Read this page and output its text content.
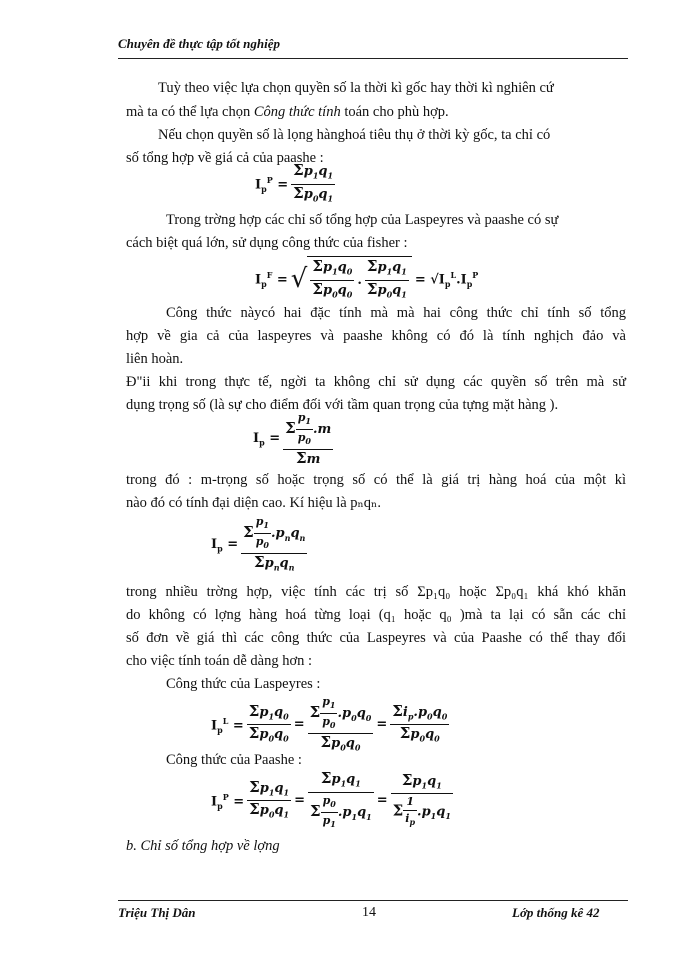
Chuyên đề thực tập tốt nghiệp
Tuỳ theo việc lựa chọn quyền số la thời kì gốc hay thời kì nghiên cứ
mà ta có thể lựa chọn Công thức tính toán cho phù hợp.
Nếu chọn quyền số là lọng hànghoá tiêu thụ ở thời kỳ gốc, ta chỉ có
số tổng hợp về giá cả của paashe :
$I_p^P = \frac{\Sigma p_1q_1}{\Sigma p_0q_1}$
Trong trờng hợp các chỉ số tổng hợp của Laspeyres và paashe có sự
cách biệt quá lớn, sử dụng công thức của fisher :
$I_p^F$ = √ $\frac{\Sigma p_1q_0}{\Sigma p_0q_0}$ . $\frac{\Sigma p_1q_1}{\Sigma p_0q_1} = √I_p^L.I_p^P$
Công thức nàycó hai đặc tính mà mà hai công thức chỉ tính số tổng
hợp về gia cả của laspeyres và paashe không có đó là tính nghịch đảo và
liên hoàn.
Đ"ii khi trong thực tế, ngời ta không chỉ sử dụng các quyền số trên mà sử
dụng trọng số (là sự cho điểm đối với tầm quan trọng của tựng mặt hàng ).
$I_p = \frac{\Sigma \frac{p_1}{p_0} .m}{\Sigma m}$
trong đó : m-trọng số hoặc trọng số có thể là giá trị hàng hoá của một kì
nào đó có tính đại diện cao. Kí hiệu là pₙqₙ.
$I_p = \frac{\Sigma \frac{p_1}{p_0} .p_nq_n}{\Sigma p_nq_n}$
trong nhiều trờng hợp, việc tính các trị số Σp₁q₀ hoặc Σp₀q₁ khá khó khăn
do không có lợng hàng hoá từng loại (q₁ hoặc q₀ )mà ta lại có sẵn các chỉ
số đơn về giá thì các công thức của Laspeyres và của Paashe có thể thay đổi
cho việc tính toán dễ dàng hơn :
Công thức của Laspeyres :
$I_p^L = \frac{\Sigma p_1q_0}{\Sigma p_0q_0} = \frac{\Sigma \frac{p_1}{p_0} .p_0q_0}{\Sigma p_0q_0} = \frac{\Sigma i_p.p_0q_0}{\Sigma p_0q_0}$
Công thức của Paashe :
$I_p^P = \frac{\Sigma p_1q_1}{\Sigma p_0q_1} = \frac{\Sigma p_1q_1}{\Sigma \frac{p_0}{p_1} .p_1q_1} = \frac{\Sigma p_1q_1}{\Sigma \frac{1}{i_p} .p_1q_1}$
b. Chỉ số tổng hợp về lợng
Triệu Thị Dân	14	Lớp thống kê 42
